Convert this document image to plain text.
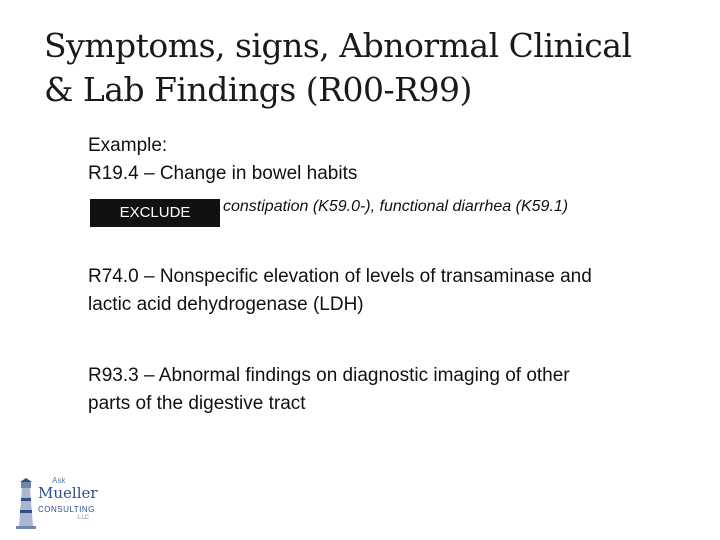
Symptoms, signs, Abnormal Clinical
& Lab Findings (R00-R99)
Example:
R19.4 – Change in bowel habits
EXCLUDE	constipation (K59.0-), functional diarrhea (K59.1)
R74.0 – Nonspecific elevation of levels of transaminase and
lactic acid dehydrogenase (LDH)
R93.3 – Abnormal findings on diagnostic imaging of other
parts of the digestive tract
Ask
Mueller
CONSULTING
LLC
